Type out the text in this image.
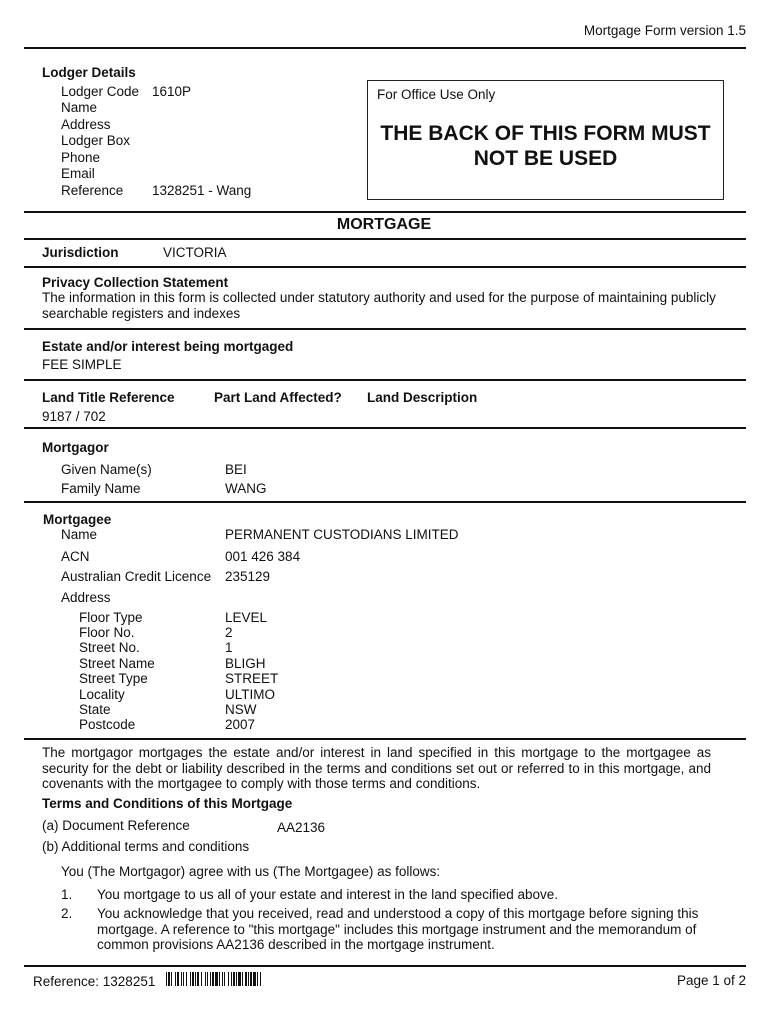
Mortgage Form version 1.5
Lodger Details
Lodger Code 1610P
Name
Address
Lodger Box
Phone
Email
Reference 1328251 - Wang
For Office Use Only
THE BACK OF THIS FORM MUST NOT BE USED
MORTGAGE
Jurisdiction	VICTORIA
Privacy Collection Statement
The information in this form is collected under statutory authority and used for the purpose of maintaining publicly searchable registers and indexes
Estate and/or interest being mortgaged
FEE SIMPLE
Land Title Reference	Part Land Affected? Land Description
9187 / 702
Mortgagor
Given Name(s)	BEI
Family Name	WANG
Mortgagee
Name	PERMANENT CUSTODIANS LIMITED
ACN	001 426 384
Australian Credit Licence 235129
Address
Floor Type	LEVEL
Floor No.	2
Street No.	1
Street Name	BLIGH
Street Type	STREET
Locality	ULTIMO
State	NSW
Postcode	2007
The mortgagor mortgages the estate and/or interest in land specified in this mortgage to the mortgagee as security for the debt or liability described in the terms and conditions set out or referred to in this mortgage, and covenants with the mortgagee to comply with those terms and conditions.
Terms and Conditions of this Mortgage
(a) Document Reference	AA2136
(b) Additional terms and conditions
You (The Mortgagor) agree with us (The Mortgagee) as follows:
1. You mortgage to us all of your estate and interest in the land specified above.
2. You acknowledge that you received, read and understood a copy of this mortgage before signing this mortgage. A reference to "this mortgage" includes this mortgage instrument and the memorandum of common provisions AA2136 described in the mortgage instrument.
Reference: 1328251	Page 1 of 2
